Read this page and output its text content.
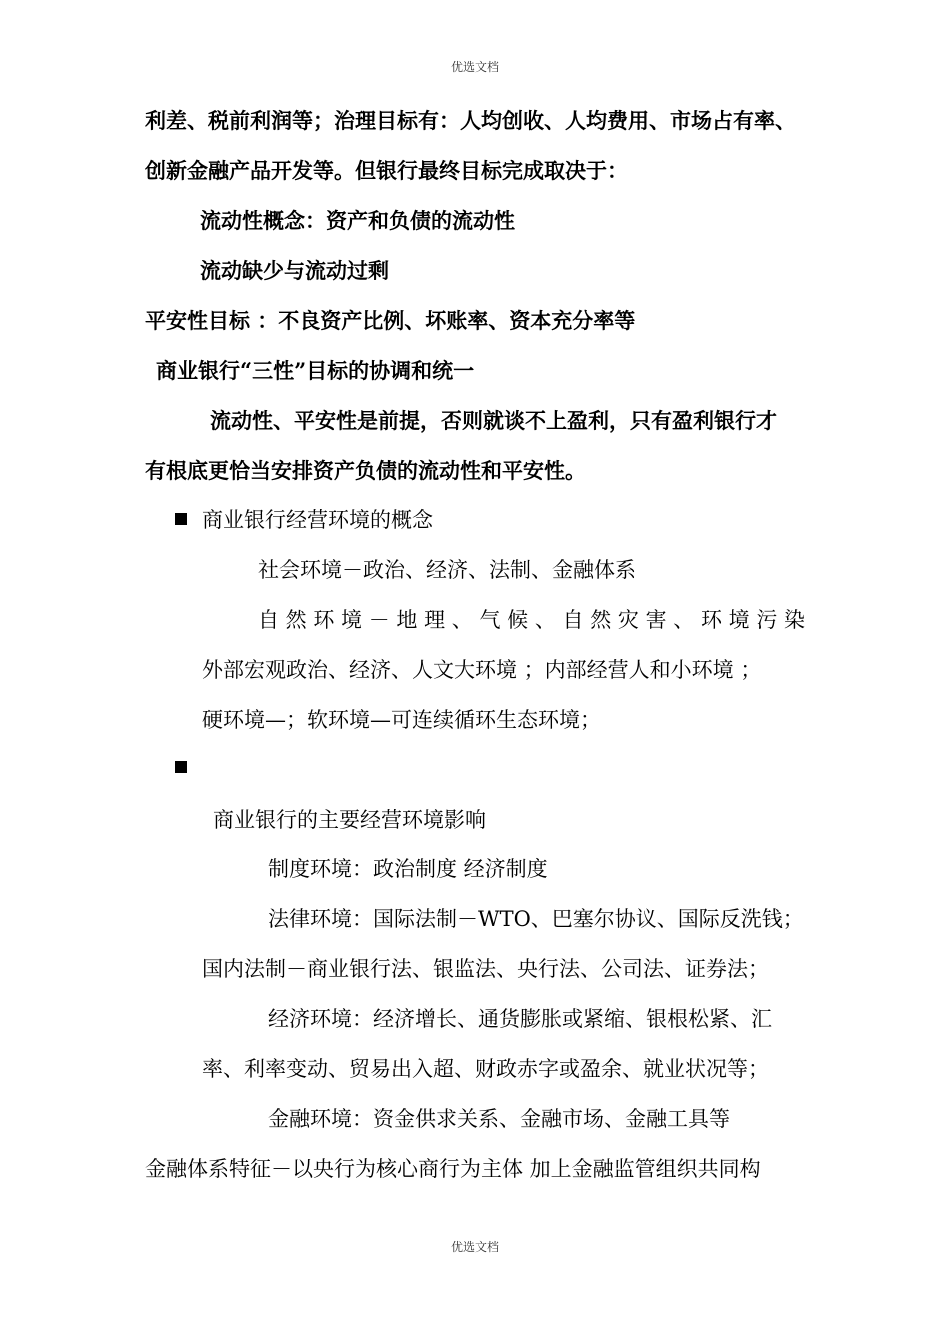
优选文档
利差、税前利润等；治理目标有：人均创收、人均费用、市场占有率、
创新金融产品开发等。但银行最终目标完成取决于：
流动性概念：资产和负债的流动性
流动缺少与流动过剩
平安性目标 ：不良资产比例、坏账率、资本充分率等
商业银行“三性”目标的协调和统一
流动性、平安性是前提，否则就谈不上盈利，只有盈利银行才
有根底更恰当安排资产负债的流动性和平安性。
商业银行经营环境的概念
社会环境－政治、经济、法制、金融体系
自然环境－地理、气候、自然灾害、环境污染
外部宏观政治、经济、人文大环境 ；内部经营人和小环境 ；
硬环境—；软环境—可连续循环生态环境；
商业银行的主要经营环境影响
制度环境：政治制度 经济制度
法律环境：国际法制－WTO、巴塞尔协议、国际反洗钱；
国内法制－商业银行法、银监法、央行法、公司法、证券法；
经济环境：经济增长、通货膨胀或紧缩、银根松紧、汇
率、利率变动、贸易出入超、财政赤字或盈余、就业状况等；
金融环境：资金供求关系、金融市场、金融工具等
金融体系特征－以央行为核心商行为主体 加上金融监管组织共同构
优选文档
